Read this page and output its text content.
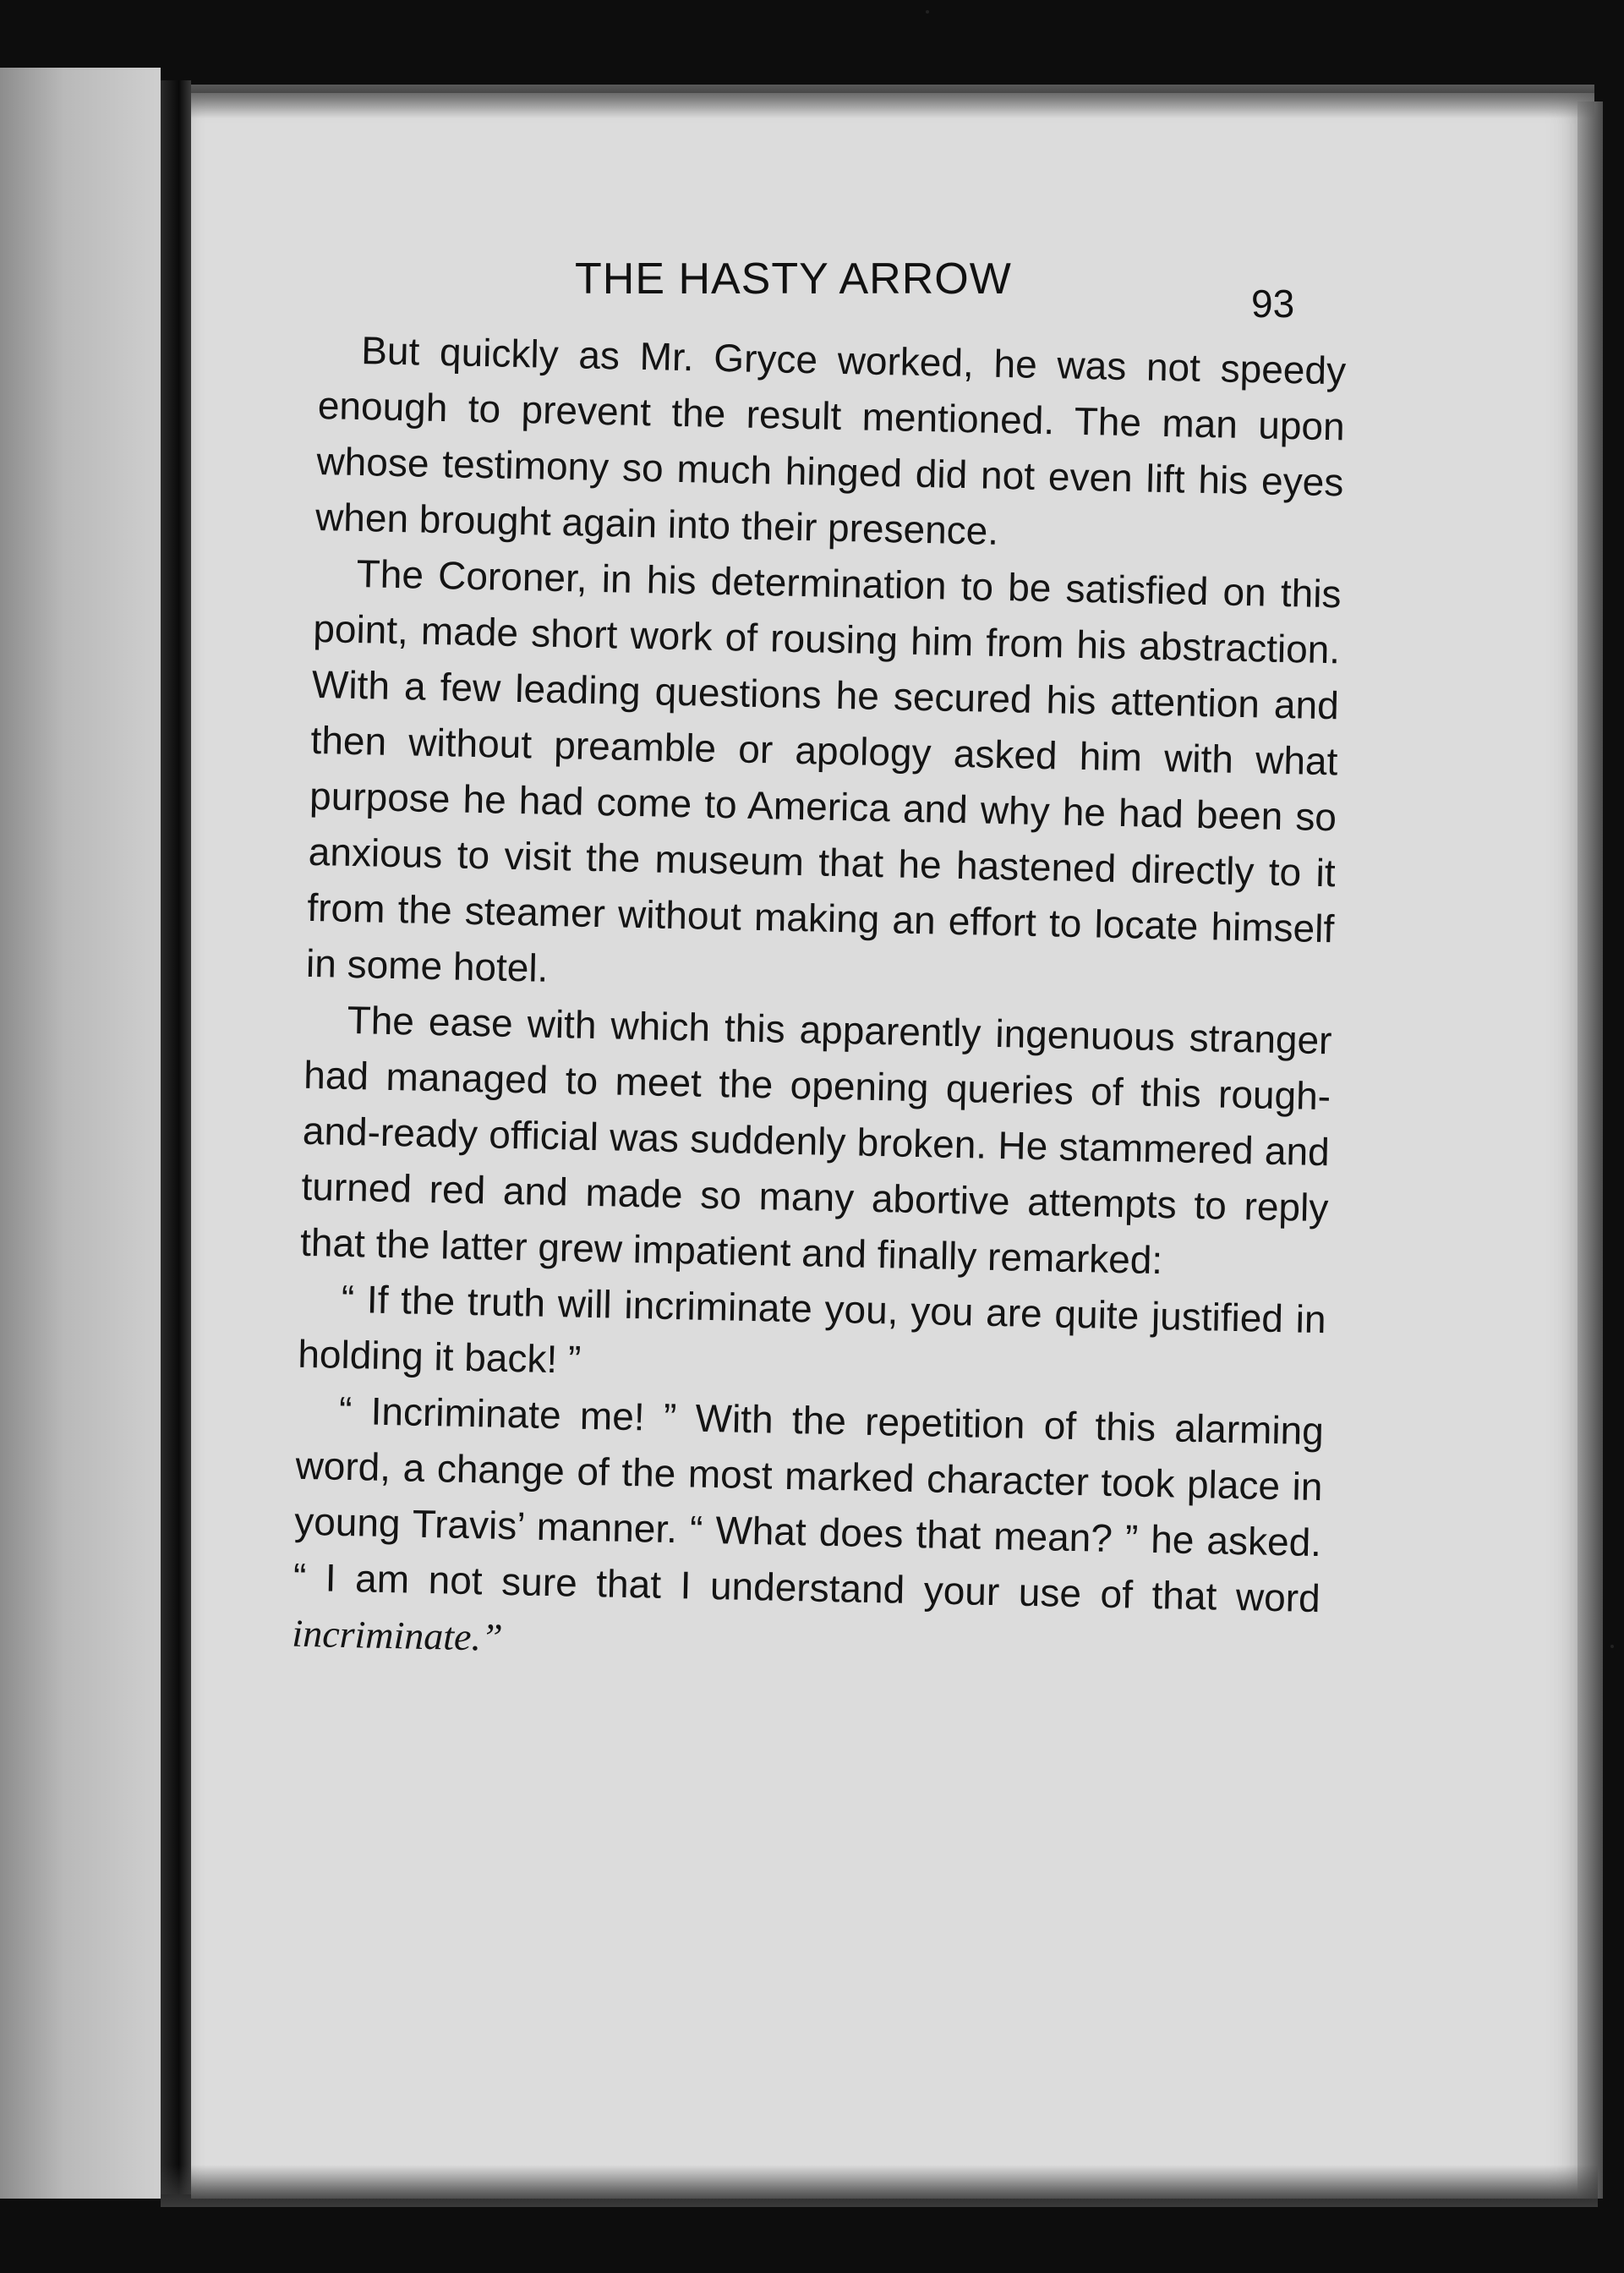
THE HASTY ARROW	93

But quickly as Mr. Gryce worked, he was not speedy enough to prevent the result mentioned. The man upon whose testimony so much hinged did not even lift his eyes when brought again into their presence.

The Coroner, in his determination to be satisfied on this point, made short work of rousing him from his abstraction. With a few leading questions he secured his attention and then without preamble or apology asked him with what purpose he had come to America and why he had been so anxious to visit the museum that he hastened directly to it from the steamer without making an effort to locate himself in some hotel.

The ease with which this apparently ingenuous stranger had managed to meet the opening queries of this rough-and-ready official was suddenly broken. He stammered and turned red and made so many abortive attempts to reply that the latter grew impatient and finally remarked:

“ If the truth will incriminate you, you are quite justified in holding it back! ”

“ Incriminate me! ” With the repetition of this alarming word, a change of the most marked character took place in young Travis’ manner. “ What does that mean? ” he asked. “ I am not sure that I understand your use of that word incriminate.”
